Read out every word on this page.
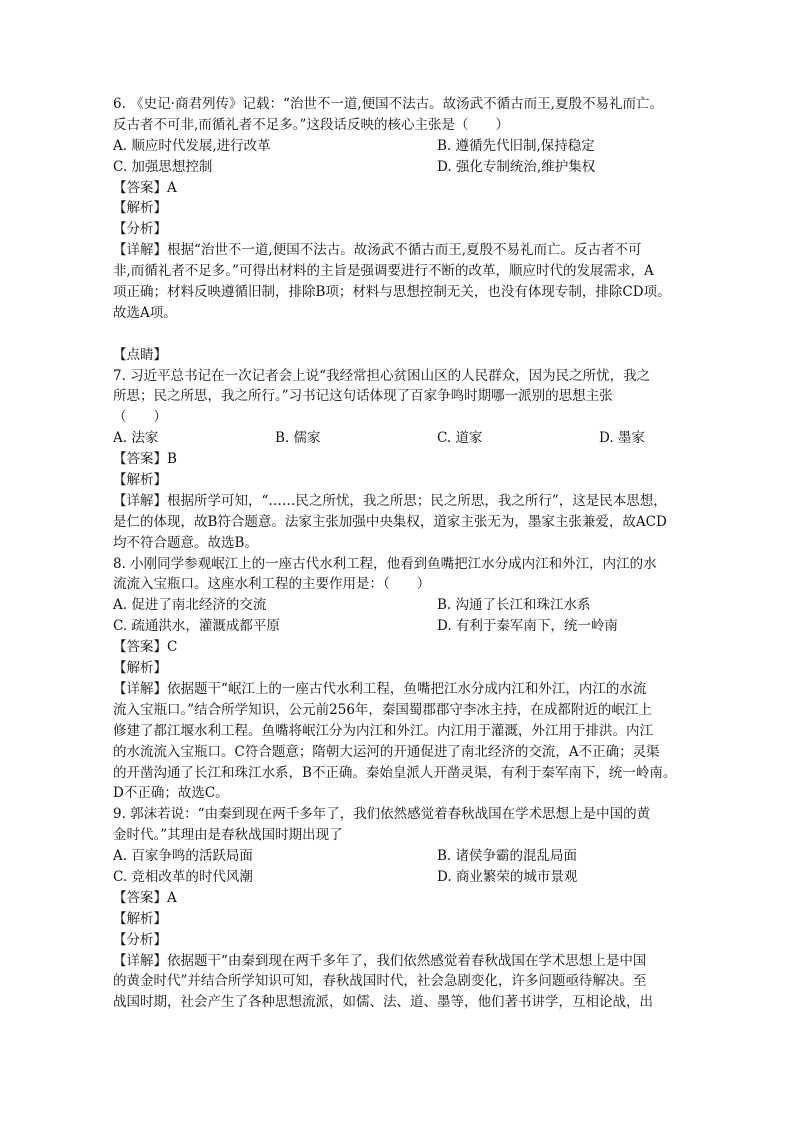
6. 《史记·商君列传》记载：“治世不一道,便国不法古。故汤武不循古而王,夏殷不易礼而亡。
反古者不可非,而循礼者不足多。”这段话反映的核心主张是（　　）
A. 顺应时代发展,进行改革	B. 遵循先代旧制,保持稳定
C. 加强思想控制	D. 强化专制统治,维护集权
【答案】A
【解析】
【分析】
【详解】根据“治世不一道,便国不法古。故汤武不循古而王,夏殷不易礼而亡。反古者不可
非,而循礼者不足多。”可得出材料的主旨是强调要进行不断的改革，顺应时代的发展需求，A
项正确；材料反映遵循旧制，排除B项；材料与思想控制无关，也没有体现专制，排除CD项。
故选A项。
【点睛】
7. 习近平总书记在一次记者会上说“我经常担心贫困山区的人民群众，因为民之所忧，我之
所思；民之所思，我之所行。”习书记这句话体现了百家争鸣时期哪一派别的思想主张
（　　）
A. 法家	B. 儒家	C. 道家	D. 墨家
【答案】B
【解析】
【详解】根据所学可知，“……民之所忧，我之所思；民之所思，我之所行”，这是民本思想，
是仁的体现，故B符合题意。法家主张加强中央集权，道家主张无为，墨家主张兼爱，故ACD
均不符合题意。故选B。
8. 小刚同学参观岷江上的一座古代水利工程，他看到鱼嘴把江水分成内江和外江，内江的水
流流入宝瓶口。这座水利工程的主要作用是：（　　）
A. 促进了南北经济的交流	B. 沟通了长江和珠江水系
C. 疏通洪水，灌溉成都平原	D. 有利于秦军南下，统一岭南
【答案】C
【解析】
【详解】依据题干“岷江上的一座古代水利工程，鱼嘴把江水分成内江和外江，内江的水流
流入宝瓶口。”结合所学知识，公元前256年，秦国蜀郡郡守李冰主持，在成都附近的岷江上
修建了都江堰水利工程。鱼嘴将岷江分为内江和外江。内江用于灌溉，外江用于排洪。内江
的水流流入宝瓶口。C符合题意；隋朝大运河的开通促进了南北经济的交流，A不正确；灵渠
的开凿沟通了长江和珠江水系，B不正确。秦始皇派人开凿灵渠，有利于秦军南下，统一岭南。
D不正确；故选C。
9. 郭沫若说：“由秦到现在两千多年了，我们依然感觉着春秋战国在学术思想上是中国的黄
金时代。”其理由是春秋战国时期出现了
A. 百家争鸣的活跃局面	B. 诸侯争霸的混乱局面
C. 竞相改革的时代风潮	D. 商业繁荣的城市景观
【答案】A
【解析】
【分析】
【详解】依据题干“由秦到现在两千多年了，我们依然感觉着春秋战国在学术思想上是中国
的黄金时代”并结合所学知识可知，春秋战国时代，社会急剧变化，许多问题亟待解决。至
战国时期，社会产生了各种思想流派，如儒、法、道、墨等，他们著书讲学，互相论战，出
